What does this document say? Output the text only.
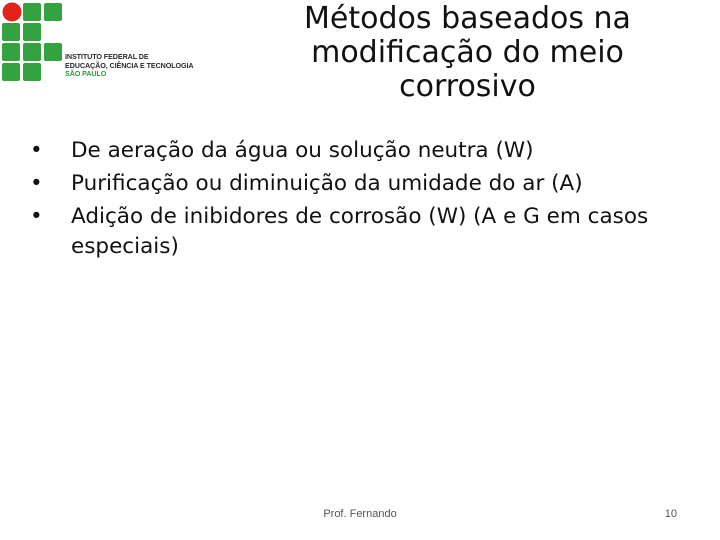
INSTITUTO FEDERAL DE
EDUCAÇÃO, CIÊNCIA E TECNOLOGIA
SÃO PAULO
Métodos baseados na modificação do meio corrosivo
• De aeração da água ou solução neutra (W)
• Purificação ou diminuição da umidade do ar (A)
• Adição de inibidores de corrosão (W) (A e G em casos especiais)
Prof. Fernando	10
